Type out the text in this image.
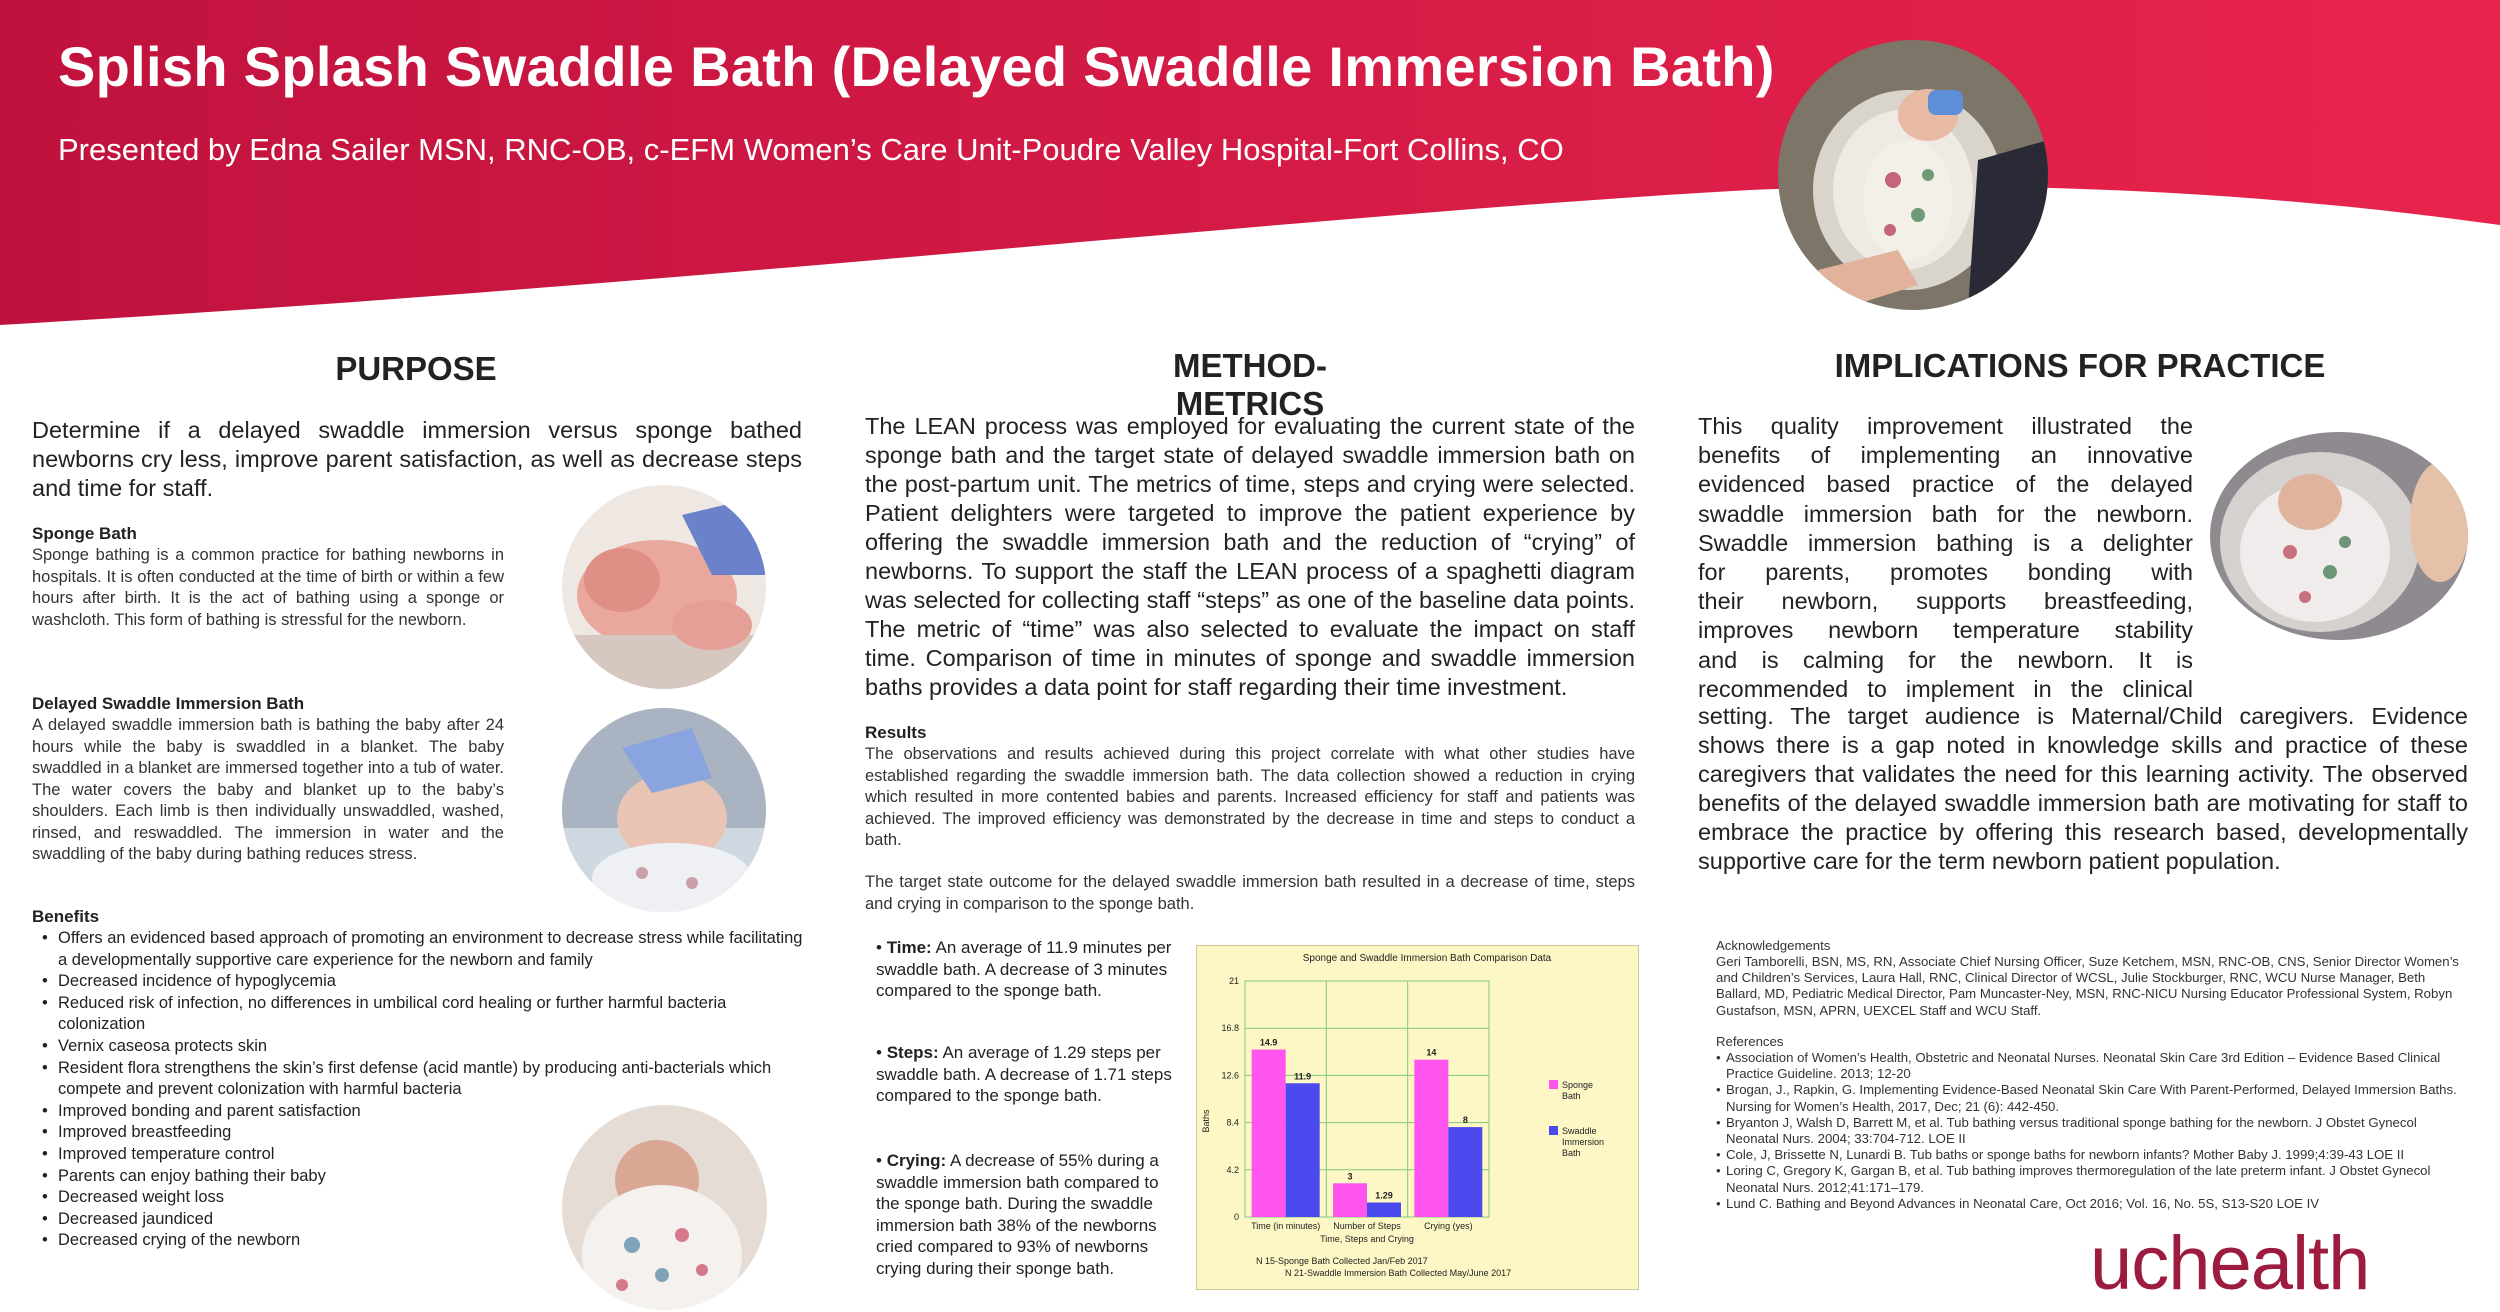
Splish Splash Swaddle Bath (Delayed Swaddle Immersion Bath)
Presented by Edna Sailer MSN, RNC-OB, c-EFM Women’s Care Unit-Poudre Valley Hospital-Fort Collins, CO
PURPOSE
Determine if a delayed swaddle immersion versus sponge bathed newborns cry less, improve parent satisfaction, as well as decrease steps and time for staff.
Sponge Bath
Sponge bathing is a common practice for bathing newborns in hospitals. It is often conducted at the time of birth or within a few hours after birth. It is the act of bathing using a sponge or washcloth. This form of bathing is stressful for the newborn.
Delayed Swaddle Immersion Bath
A delayed swaddle immersion bath is bathing the baby after 24 hours while the baby is swaddled in a blanket. The baby swaddled in a blanket are immersed together into a tub of water. The water covers the baby and blanket up to the baby’s shoulders. Each limb is then individually unswaddled, washed, rinsed, and reswaddled. The immersion in water and the swaddling of the baby during bathing reduces stress.
Benefits
• Offers an evidenced based approach of promoting an environment to decrease stress while facilitating a developmentally supportive care experience for the newborn and family
• Decreased incidence of hypoglycemia
• Reduced risk of infection, no differences in umbilical cord healing or further harmful bacteria colonization
• Vernix caseosa protects skin
• Resident flora strengthens the skin’s first defense (acid mantle) by producing anti-bacterials which compete and prevent colonization with harmful bacteria
• Improved bonding and parent satisfaction
• Improved breastfeeding
• Improved temperature control
• Parents can enjoy bathing their baby
• Decreased weight loss
• Decreased jaundiced
• Decreased crying of the newborn
METHOD-METRICS
The LEAN process was employed for evaluating the current state of the sponge bath and the target state of delayed swaddle immersion bath on the post-partum unit. The metrics of time, steps and crying were selected. Patient delighters were targeted to improve the patient experience by offering the swaddle immersion bath and the reduction of “crying” of newborns. To support the staff the LEAN process of a spaghetti diagram was selected for collecting staff “steps” as one of the baseline data points. The metric of “time” was also selected to evaluate the impact on staff time. Comparison of time in minutes of sponge and swaddle immersion baths provides a data point for staff regarding their time investment.
Results
The observations and results achieved during this project correlate with what other studies have established regarding the swaddle immersion bath. The data collection showed a reduction in crying which resulted in more contented babies and parents. Increased efficiency for staff and patients was achieved. The improved efficiency was demonstrated by the decrease in time and steps to conduct a bath.
The target state outcome for the delayed swaddle immersion bath resulted in a decrease of time, steps and crying in comparison to the sponge bath.
• Time: An average of 11.9 minutes per swaddle bath. A decrease of 3 minutes compared to the sponge bath.
• Steps: An average of 1.29 steps per swaddle bath. A decrease of 1.71 steps compared to the sponge bath.
• Crying: A decrease of 55% during a swaddle immersion bath compared to the sponge bath. During the swaddle immersion bath 38% of the newborns cried compared to 93% of newborns crying during their sponge bath.
Sponge and Swaddle Immersion Bath Comparison Data
0
4.2
8.4
12.6
16.8
21
14.9
11.9
Time (in minutes)
3
1.29
Number of Steps
14
8
Crying (yes)
Baths
Time, Steps and Crying
N 15-Sponge Bath Collected Jan/Feb 2017
N 21-Swaddle Immersion Bath Collected May/June 2017
Sponge
Bath
Swaddle
Immersion
Bath
IMPLICATIONS FOR PRACTICE
This quality improvement illustrated the
benefits of implementing an innovative
evidenced based practice of the delayed
swaddle immersion bath for the newborn.
Swaddle immersion bathing is a delighter
for parents, promotes bonding with
their newborn, supports breastfeeding,
improves newborn temperature stability
and is calming for the newborn. It is
recommended to implement in the clinical
setting. The target audience is Maternal/Child caregivers. Evidence shows there is a gap noted in knowledge skills and practice of these caregivers that validates the need for this learning activity. The observed benefits of the delayed swaddle immersion bath are motivating for staff to embrace the practice by offering this research based, developmentally supportive care for the term newborn patient population.
Acknowledgements
Geri Tamborelli, BSN, MS, RN, Associate Chief Nursing Officer, Suze Ketchem, MSN, RNC-OB, CNS, Senior Director Women’s and Children’s Services, Laura Hall, RNC, Clinical Director of WCSL, Julie Stockburger, RNC, WCU Nurse Manager, Beth Ballard, MD, Pediatric Medical Director, Pam Muncaster-Ney, MSN, RNC-NICU Nursing Educator Professional System, Robyn Gustafson, MSN, APRN, UEXCEL Staff and WCU Staff.
References
• Association of Women’s Health, Obstetric and Neonatal Nurses. Neonatal Skin Care 3rd Edition – Evidence Based Clinical Practice Guideline. 2013; 12-20
• Brogan, J., Rapkin, G. Implementing Evidence-Based Neonatal Skin Care With Parent-Performed, Delayed Immersion Baths. Nursing for Women’s Health, 2017, Dec; 21 (6): 442-450.
• Bryanton J, Walsh D, Barrett M, et al. Tub bathing versus traditional sponge bathing for the newborn. J Obstet Gynecol Neonatal Nurs. 2004; 33:704-712. LOE II
• Cole, J, Brissette N, Lunardi B. Tub baths or sponge baths for newborn infants? Mother Baby J. 1999;4:39-43 LOE II
• Loring C, Gregory K, Gargan B, et al. Tub bathing improves thermoregulation of the late preterm infant. J Obstet Gynecol Neonatal Nurs. 2012;41:171–179.
• Lund C. Bathing and Beyond Advances in Neonatal Care, Oct 2016; Vol. 16, No. 5S, S13-S20 LOE IV
uchealth
